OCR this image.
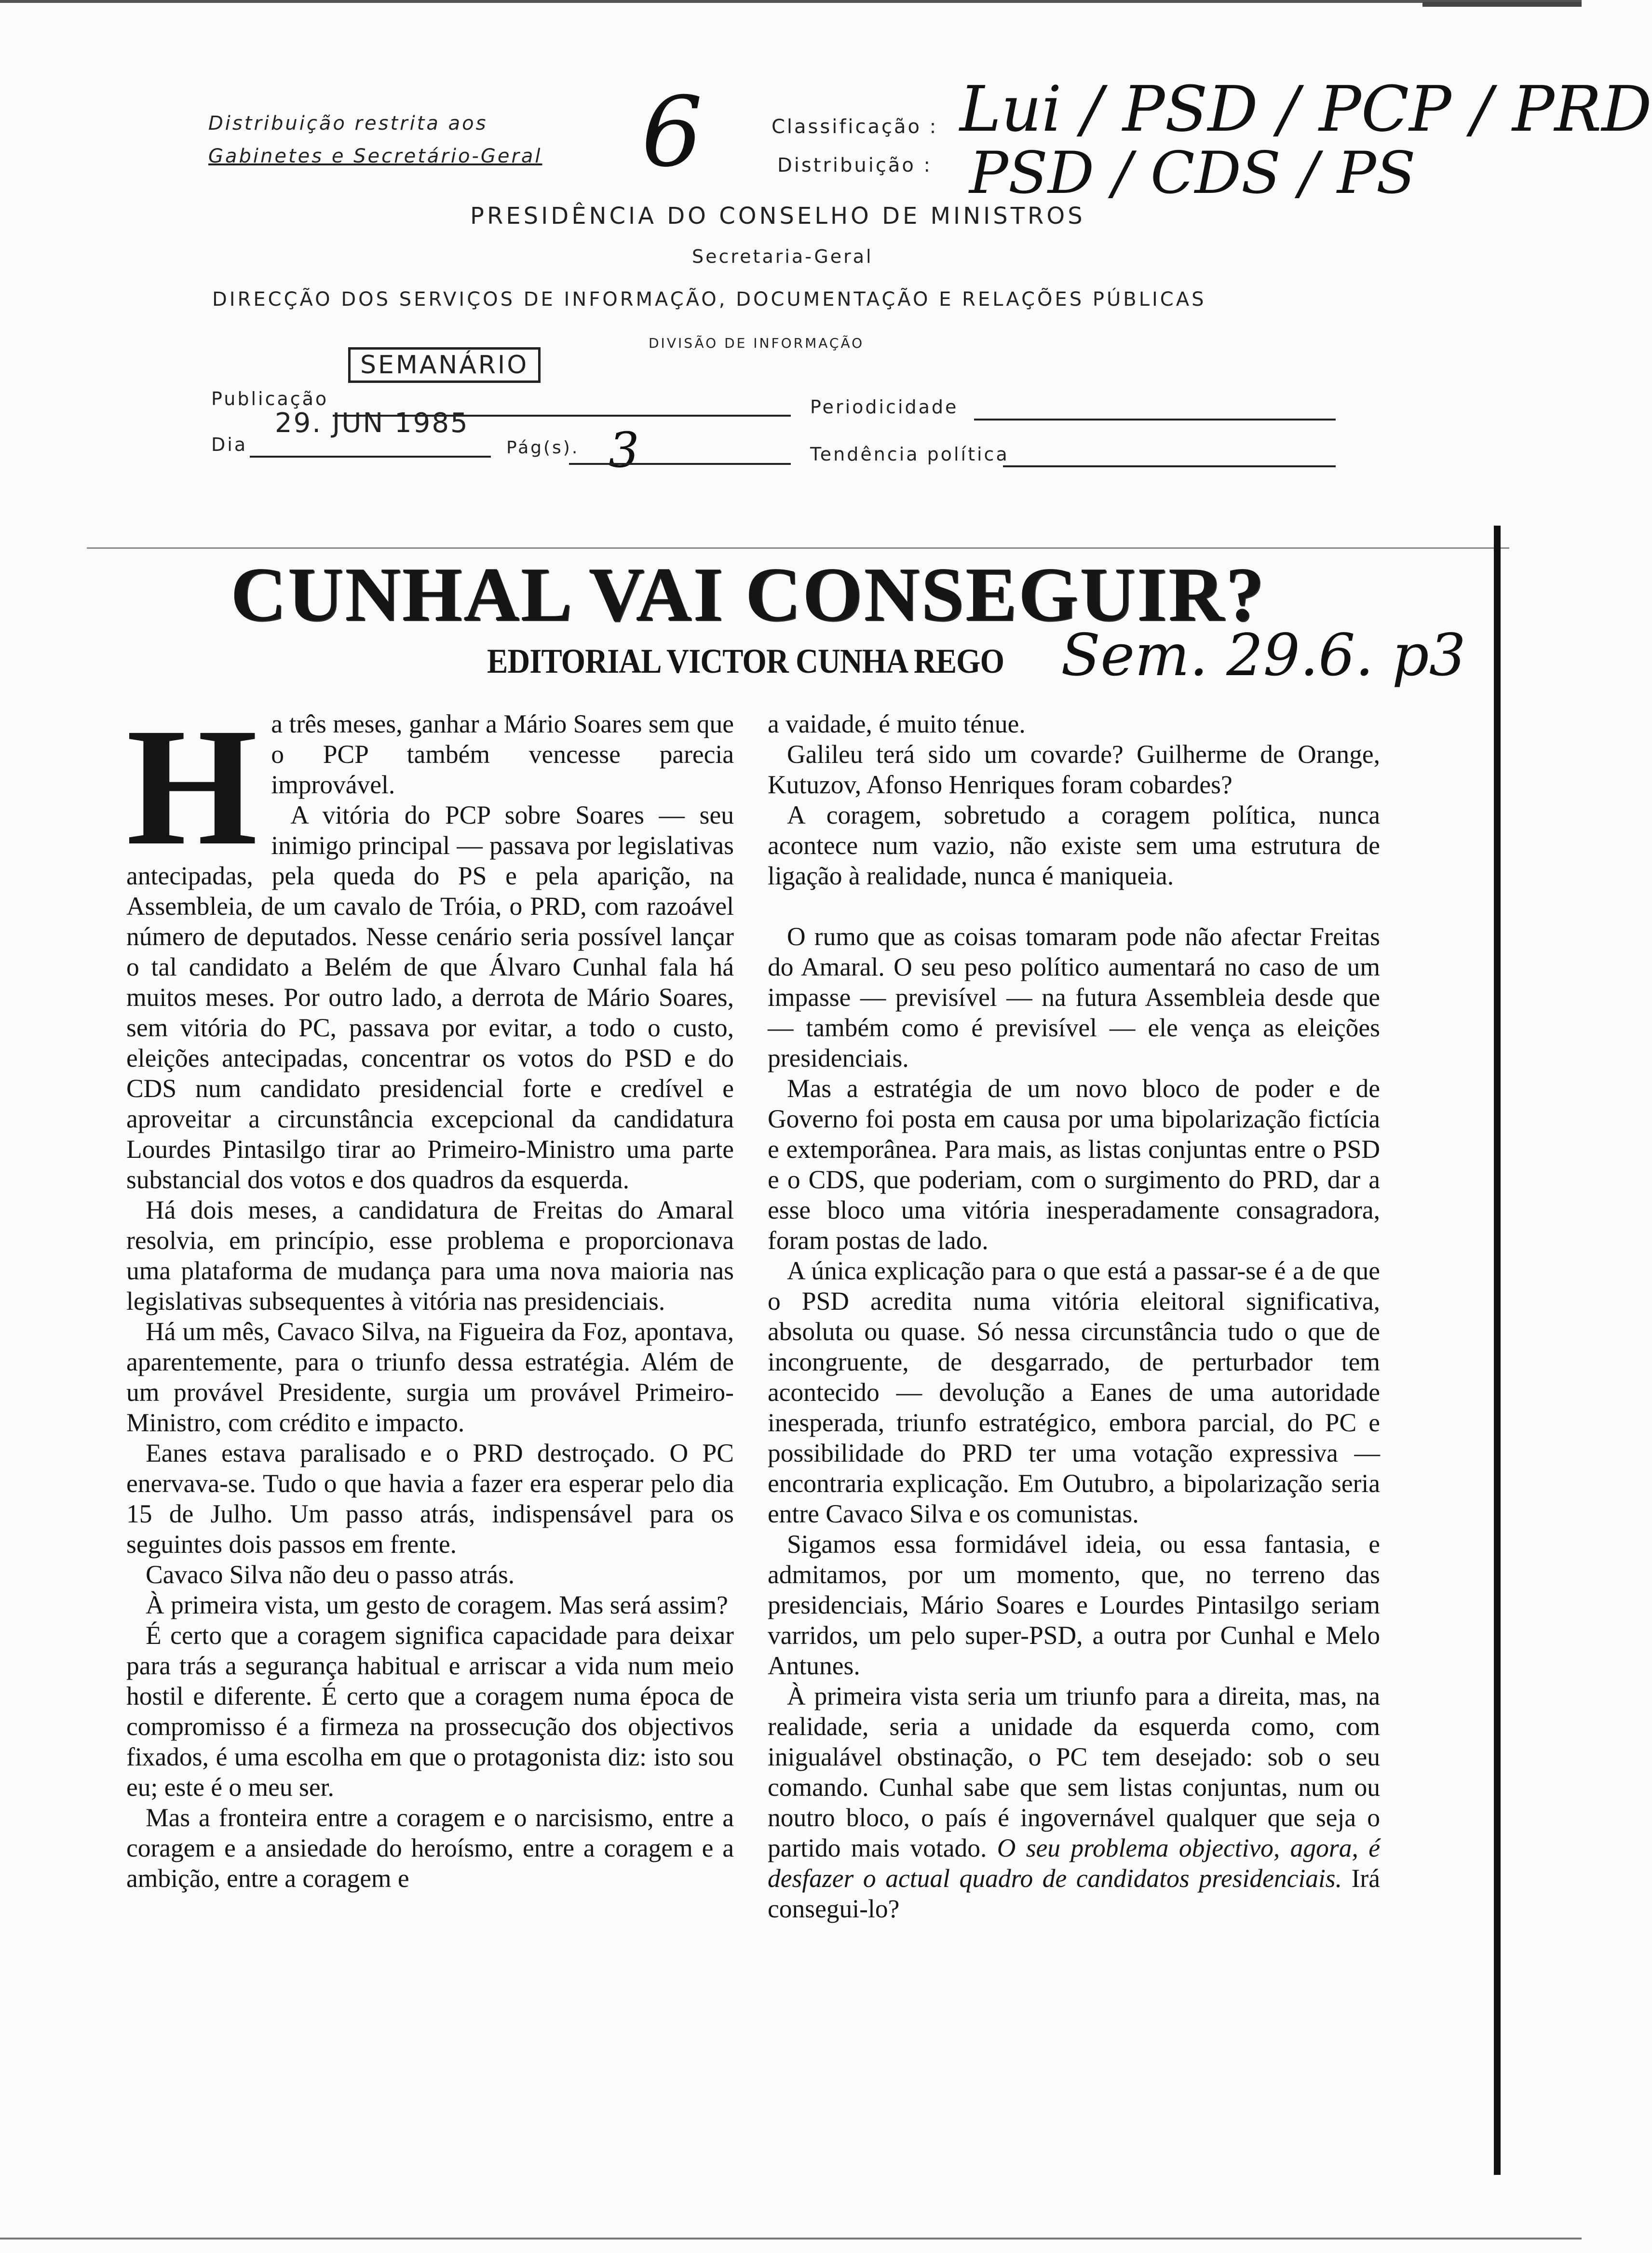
Distribuição restrita aos
Gabinetes e Secretário-Geral 6	Classificação :
Distribuição :
Lui / PSD / PCP / PRD
PSD / CDS / PS
PRESIDÊNCIA DO CONSELHO DE MINISTROS
Secretaria-Geral
DIRECÇÃO DOS SERVIÇOS DE INFORMAÇÃO, DOCUMENTAÇÃO E RELAÇÕES PÚBLICAS
DIVISÃO DE INFORMAÇÃO
Publicação
SEMANÁRIO
Periodicidade
Dia
29. JUN 1985
Pág(s). 3	Tendência política
CUNHAL VAI CONSEGUIR?
EDITORIAL VICTOR CUNHA REGO Sem. 29.6. p3

Ha três meses, ganhar a Mário Soares sem que o PCP também vencesse parecia improvável.

A vitória do PCP sobre Soares — seu inimigo principal — passava por legislativas antecipadas, pela queda do PS e pela aparição, na Assembleia, de um cavalo de Tróia, o PRD, com razoável número de deputados. Nesse cenário seria possível lançar o tal candidato a Belém de que Álvaro Cunhal fala há muitos meses. Por outro lado, a derrota de Mário Soares, sem vitória do PC, passava por evitar, a todo o custo, eleições antecipadas, concentrar os votos do PSD e do CDS num candidato presidencial forte e credível e aproveitar a circunstância excepcional da candidatura Lourdes Pintasilgo tirar ao Primeiro-Ministro uma parte substancial dos votos e dos quadros da esquerda.

Há dois meses, a candidatura de Freitas do Amaral resolvia, em princípio, esse problema e proporcionava uma plataforma de mudança para uma nova maioria nas legislativas subsequentes à vitória nas presidenciais.

Há um mês, Cavaco Silva, na Figueira da Foz, apontava, aparentemente, para o triunfo dessa estratégia. Além de um provável Presidente, surgia um provável Primeiro-Ministro, com crédito e impacto.

Eanes estava paralisado e o PRD destroçado. O PC enervava-se. Tudo o que havia a fazer era esperar pelo dia 15 de Julho. Um passo atrás, indispensável para os seguintes dois passos em frente.

Cavaco Silva não deu o passo atrás.

À primeira vista, um gesto de coragem. Mas será assim?

É certo que a coragem significa capacidade para deixar para trás a segurança habitual e arriscar a vida num meio hostil e diferente. É certo que a coragem numa época de compromisso é a firmeza na prossecução dos objectivos fixados, é uma escolha em que o protagonista diz: isto sou eu; este é o meu ser.

Mas a fronteira entre a coragem e o narcisismo, entre a coragem e a ansiedade do heroísmo, entre a coragem e a ambição, entre a coragem e

a vaidade, é muito ténue.

Galileu terá sido um covarde? Guilherme de Orange, Kutuzov, Afonso Henriques foram cobardes?

A coragem, sobretudo a coragem política, nunca acontece num vazio, não existe sem uma estrutura de ligação à realidade, nunca é maniqueia.

O rumo que as coisas tomaram pode não afectar Freitas do Amaral. O seu peso político aumentará no caso de um impasse — previsível — na futura Assembleia desde que — também como é previsível — ele vença as eleições presidenciais.

Mas a estratégia de um novo bloco de poder e de Governo foi posta em causa por uma bipolarização fictícia e extemporânea. Para mais, as listas conjuntas entre o PSD e o CDS, que poderiam, com o surgimento do PRD, dar a esse bloco uma vitória inesperadamente consagradora, foram postas de lado.

A única explicação para o que está a passar-se é a de que o PSD acredita numa vitória eleitoral significativa, absoluta ou quase. Só nessa circunstância tudo o que de incongruente, de desgarrado, de perturbador tem acontecido — devolução a Eanes de uma autoridade inesperada, triunfo estratégico, embora parcial, do PC e possibilidade do PRD ter uma votação expressiva — encontraria explicação. Em Outubro, a bipolarização seria entre Cavaco Silva e os comunistas.

Sigamos essa formidável ideia, ou essa fantasia, e admitamos, por um momento, que, no terreno das presidenciais, Mário Soares e Lourdes Pintasilgo seriam varridos, um pelo super-PSD, a outra por Cunhal e Melo Antunes.

À primeira vista seria um triunfo para a direita, mas, na realidade, seria a unidade da esquerda como, com inigualável obstinação, o PC tem desejado: sob o seu comando. Cunhal sabe que sem listas conjuntas, num ou noutro bloco, o país é ingovernável qualquer que seja o partido mais votado. O seu problema objectivo, agora, é desfazer o actual quadro de candidatos presidenciais. Irá consegui-lo?
